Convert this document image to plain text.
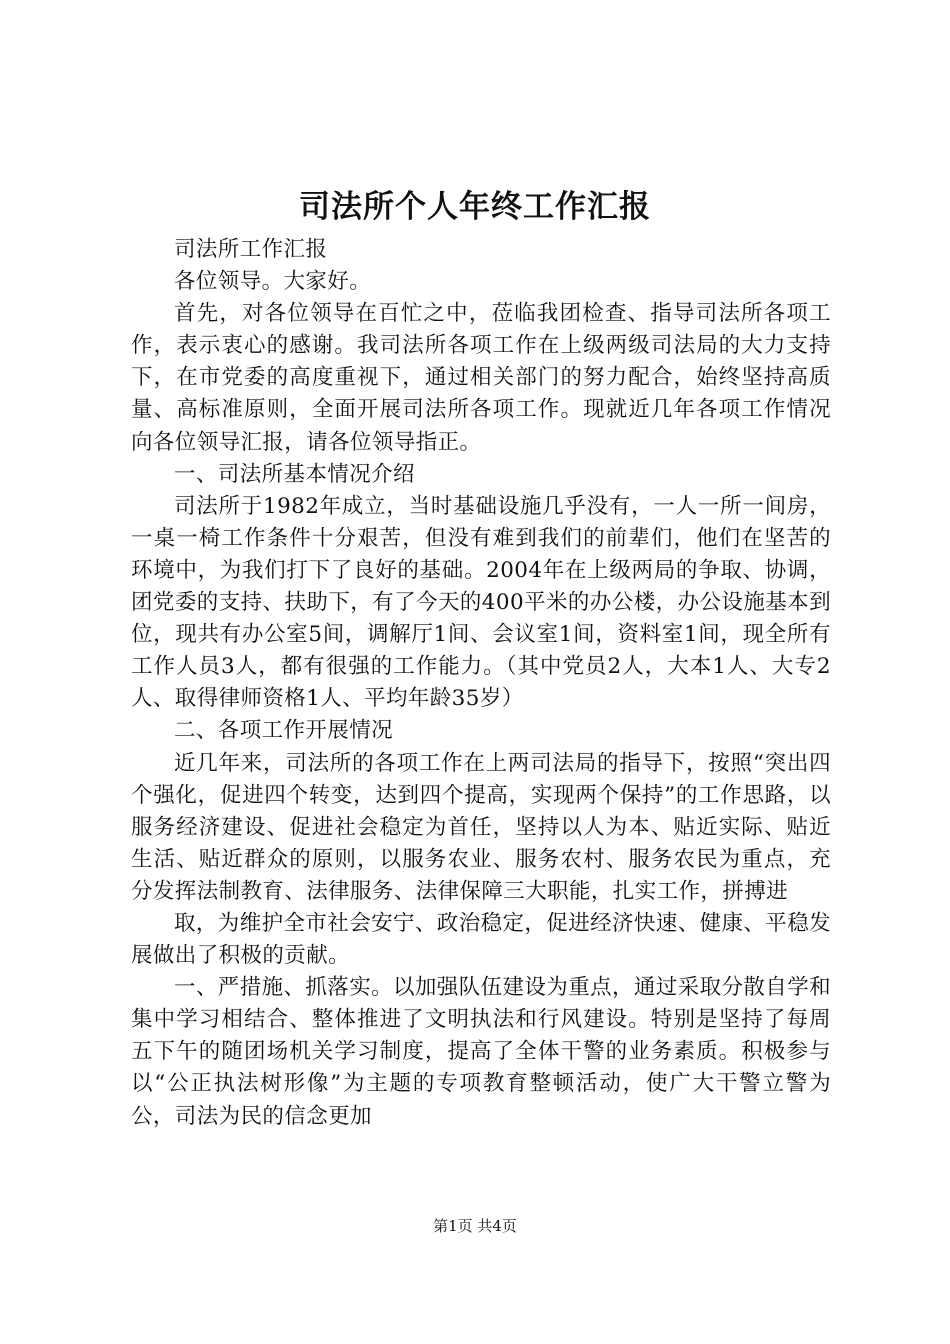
司法所个人年终工作汇报

司法所工作汇报

各位领导。大家好。

首先，对各位领导在百忙之中，莅临我团检查、指导司法所各项工作，表示衷心的感谢。我司法所各项工作在上级两级司法局的大力支持下，在市党委的高度重视下，通过相关部门的努力配合，始终坚持高质量、高标准原则，全面开展司法所各项工作。现就近几年各项工作情况向各位领导汇报，请各位领导指正。

一、司法所基本情况介绍

司法所于1982年成立，当时基础设施几乎没有，一人一所一间房，一桌一椅工作条件十分艰苦，但没有难到我们的前辈们，他们在坚苦的环境中，为我们打下了良好的基础。2004年在上级两局的争取、协调，团党委的支持、扶助下，有了今天的400平米的办公楼，办公设施基本到位，现共有办公室5间，调解厅1间、会议室1间，资料室1间，现全所有工作人员3人，都有很强的工作能力。（其中党员2人，大本1人、大专2人、取得律师资格1人、平均年龄35岁）

二、各项工作开展情况

近几年来，司法所的各项工作在上两司法局的指导下，按照“突出四个强化，促进四个转变，达到四个提高，实现两个保持”的工作思路，以服务经济建设、促进社会稳定为首任，坚持以人为本、贴近实际、贴近生活、贴近群众的原则，以服务农业、服务农村、服务农民为重点，充分发挥法制教育、法律服务、法律保障三大职能，扎实工作，拼搏进

取，为维护全市社会安宁、政治稳定，促进经济快速、健康、平稳发展做出了积极的贡献。

一、严措施、抓落实。以加强队伍建设为重点，通过采取分散自学和集中学习相结合、整体推进了文明执法和行风建设。特别是坚持了每周五下午的随团场机关学习制度，提高了全体干警的业务素质。积极参与以“公正执法树形像”为主题的专项教育整顿活动，使广大干警立警为公，司法为民的信念更加

第1页 共4页
